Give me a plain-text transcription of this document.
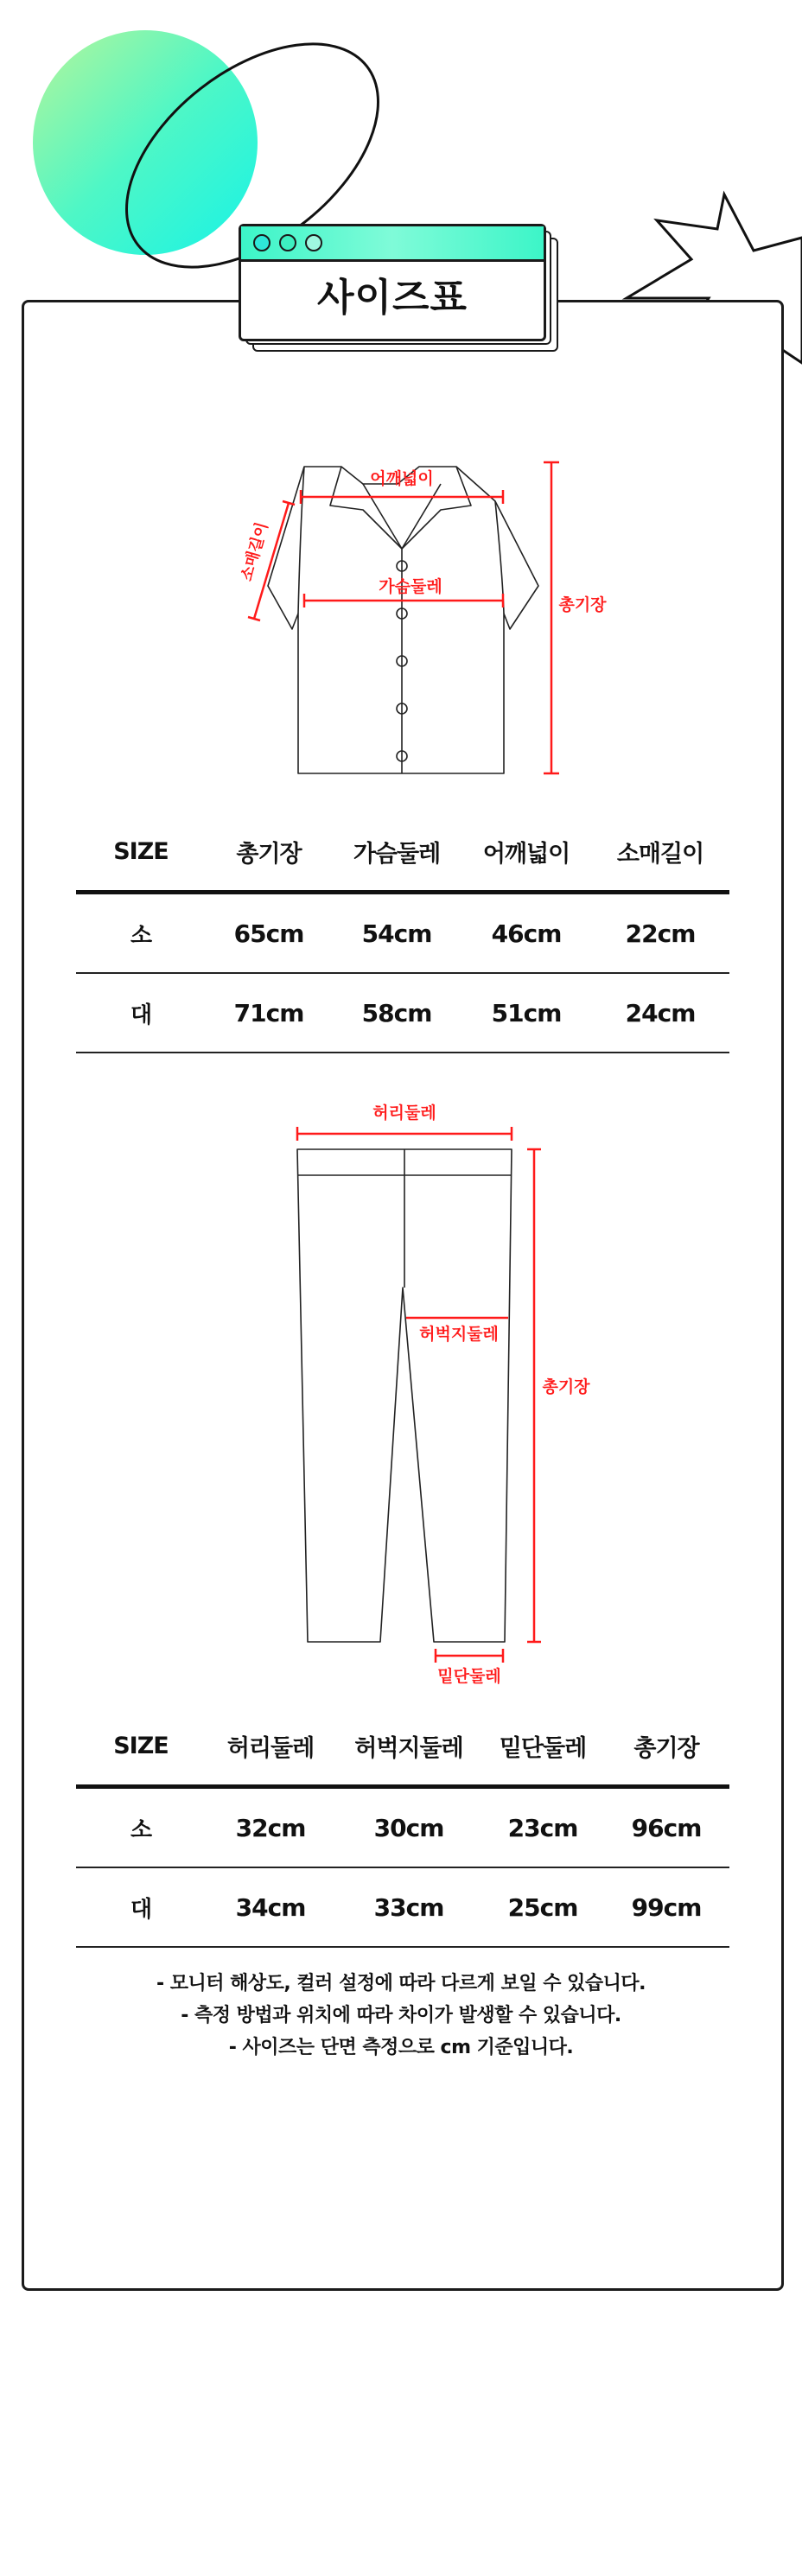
사이즈표
어깨넓이
가슴둘레
소매길이
총기장
SIZE	총기장	가슴둘레	어깨넓이	소매길이
소	65cm	54cm	46cm	22cm
대	71cm	58cm	51cm	24cm
허리둘레
허벅지둘레
총기장
밑단둘레
SIZE	허리둘레	허벅지둘레	밑단둘레	총기장
소	32cm	30cm	23cm	96cm
대	34cm	33cm	25cm	99cm
- 모니터 해상도, 컬러 설정에 따라 다르게 보일 수 있습니다.
- 측정 방법과 위치에 따라 차이가 발생할 수 있습니다.
- 사이즈는 단면 측정으로 cm 기준입니다.
